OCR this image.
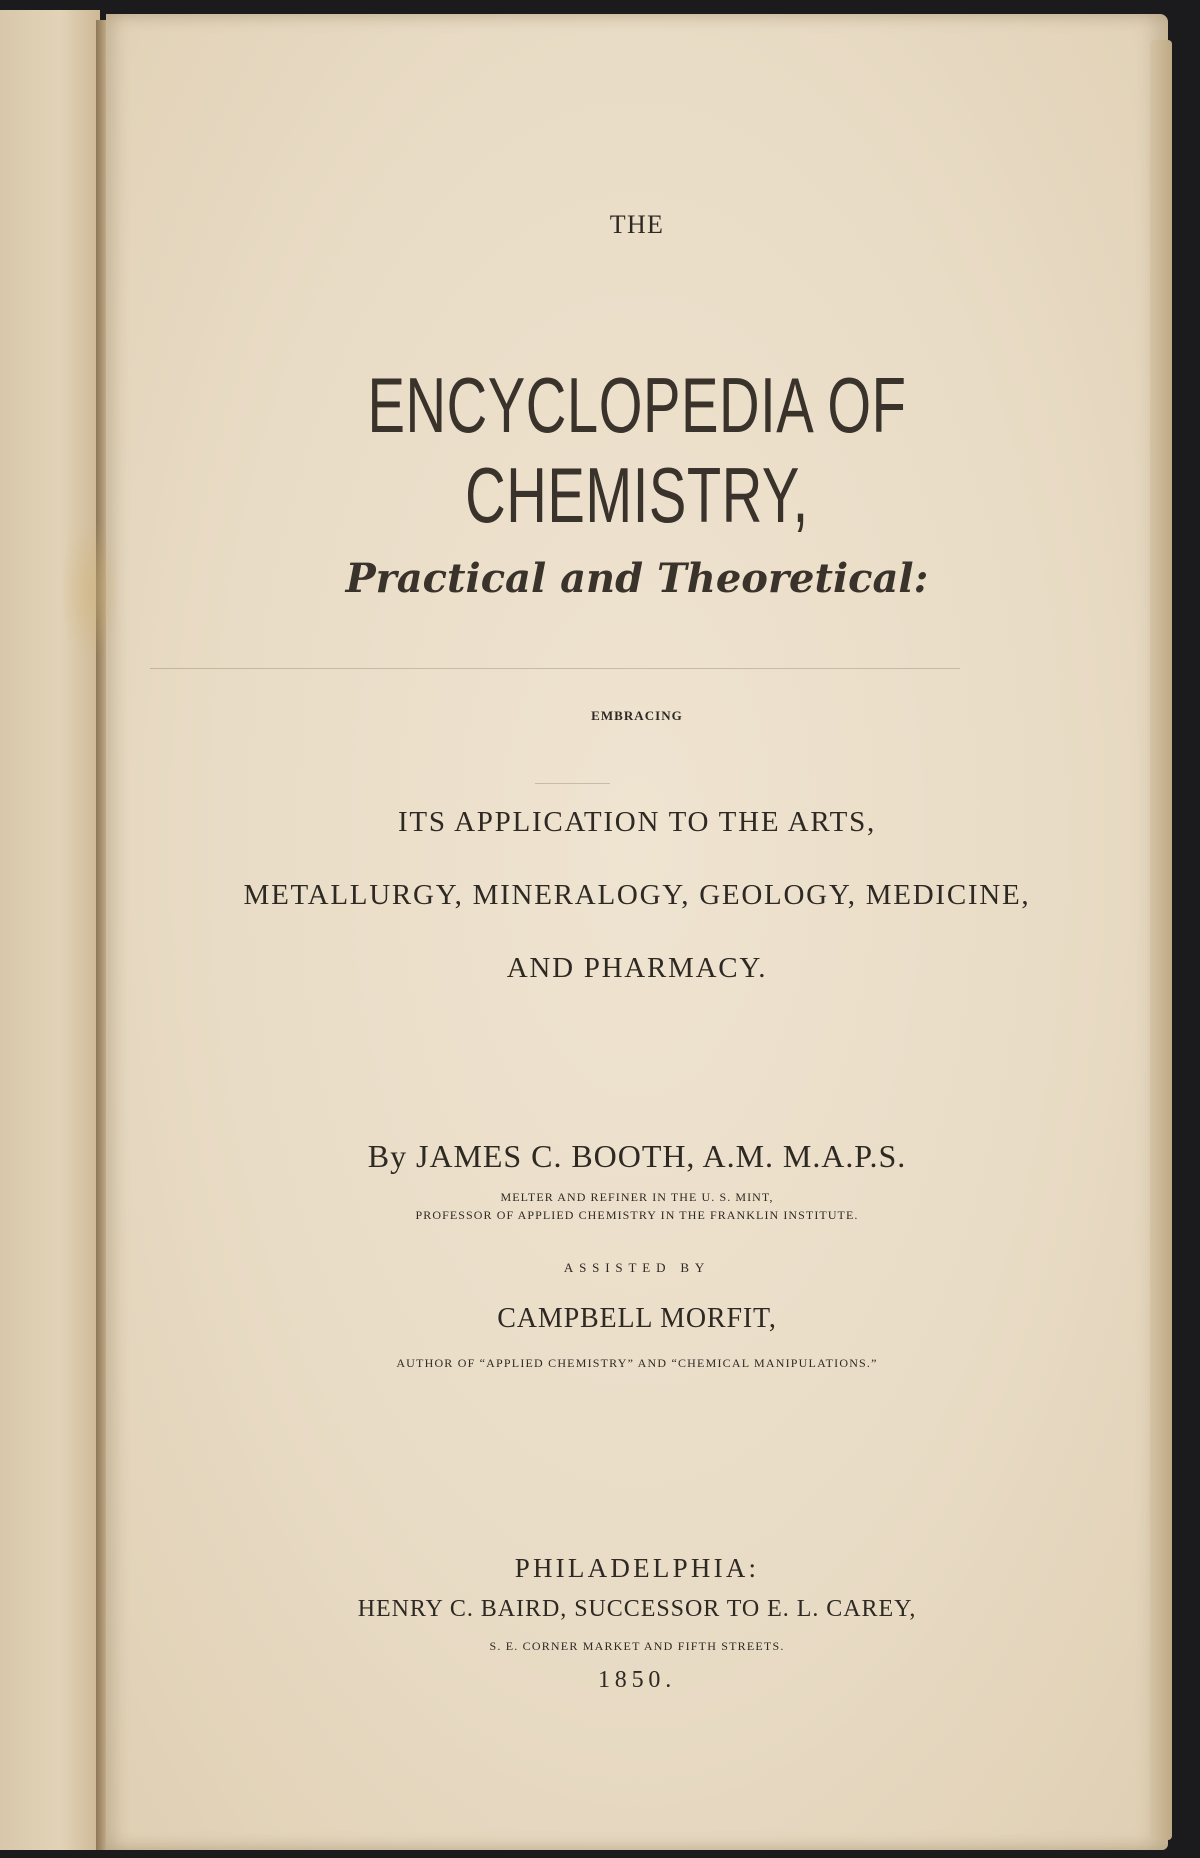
THE
ENCYCLOPEDIA OF CHEMISTRY,
Practical and Theoretical:
EMBRACING
ITS APPLICATION TO THE ARTS,
METALLURGY, MINERALOGY, GEOLOGY, MEDICINE,
AND PHARMACY.
By JAMES C. BOOTH, A.M. M.A.P.S.
MELTER AND REFINER IN THE U. S. MINT,
PROFESSOR OF APPLIED CHEMISTRY IN THE FRANKLIN INSTITUTE.
ASSISTED BY
CAMPBELL MORFIT,
AUTHOR OF “APPLIED CHEMISTRY” AND “CHEMICAL MANIPULATIONS.”
PHILADELPHIA:
HENRY C. BAIRD, SUCCESSOR TO E. L. CAREY,
S. E. CORNER MARKET AND FIFTH STREETS.
1850.
